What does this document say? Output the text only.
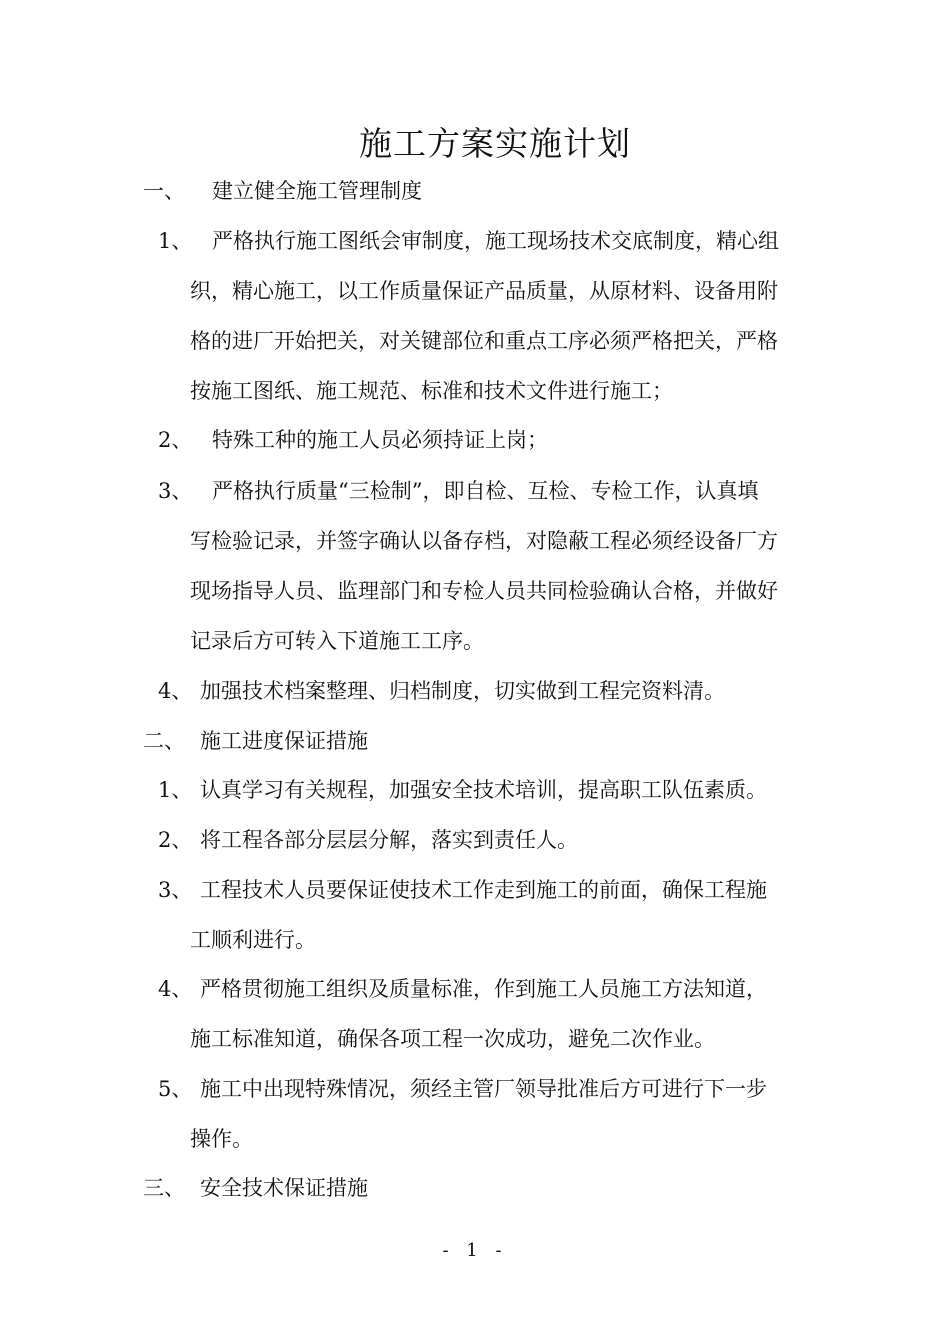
施工方案实施计划
一、 建立健全施工管理制度
1、 严格执行施工图纸会审制度，施工现场技术交底制度，精心组
织，精心施工，以工作质量保证产品质量，从原材料、设备用附
格的进厂开始把关，对关键部位和重点工序必须严格把关，严格
按施工图纸、施工规范、标准和技术文件进行施工；
2、 特殊工种的施工人员必须持证上岗；
3、 严格执行质量“三检制”，即自检、互检、专检工作，认真填
写检验记录，并签字确认以备存档，对隐蔽工程必须经设备厂方
现场指导人员、监理部门和专检人员共同检验确认合格，并做好
记录后方可转入下道施工工序。
4、 加强技术档案整理、归档制度，切实做到工程完资料清。
二、 施工进度保证措施
1、 认真学习有关规程，加强安全技术培训，提高职工队伍素质。
2、 将工程各部分层层分解，落实到责任人。
3、 工程技术人员要保证使技术工作走到施工的前面，确保工程施
工顺利进行。
4、 严格贯彻施工组织及质量标准，作到施工人员施工方法知道，
施工标准知道，确保各项工程一次成功，避免二次作业。
5、 施工中出现特殊情况，须经主管厂领导批准后方可进行下一步
操作。
三、 安全技术保证措施
- 1 -
